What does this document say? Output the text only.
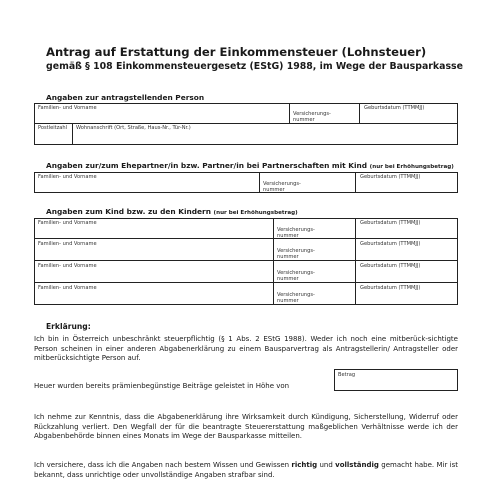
Antrag auf Erstattung der Einkommensteuer (Lohnsteuer)
gemäß § 108 Einkommensteuergesetz (EStG) 1988, im Wege der Bausparkasse
Angaben zur antragstellenden Person
Familien- und Vorname
Versicherungs-
nummer
Geburtsdatum (TTMMJJ)
Postleitzahl Wohnanschrift (Ort, Straße, Haus-Nr., Tür-Nr.)
Angaben zur/zum Ehepartner/in bzw. Partner/in bei Partnerschaften mit Kind (nur bei Erhöhungsbetrag)
Familien- und Vorname
Versicherungs-
nummer
Geburtsdatum (TTMMJJ)
Angaben zum Kind bzw. zu den Kindern (nur bei Erhöhungsbetrag)
Familien- und Vorname
Versicherungs-
nummer
Geburtsdatum (TTMMJJ)
Familien- und Vorname
Versicherungs-
nummer
Geburtsdatum (TTMMJJ)
Familien- und Vorname
Versicherungs-
nummer
Geburtsdatum (TTMMJJ)
Familien- und Vorname
Versicherungs-
nummer
Geburtsdatum (TTMMJJ)
Erklärung:
Ich bin in Österreich unbeschränkt steuerpflichtig (§ 1 Abs. 2 EStG 1988). Weder ich noch eine mitberück-sichtigte Person scheinen in einer anderen Abgabenerklärung zu einem Bausparvertrag als Antragstellerin/ Antragsteller oder mitberücksichtigte Person auf.
Heuer wurden bereits prämienbegünstige Beiträge geleistet in Höhe von
Betrag
Ich nehme zur Kenntnis, dass die Abgabenerklärung ihre Wirksamkeit durch Kündigung, Sicherstellung, Widerruf oder Rückzahlung verliert. Den Wegfall der für die beantragte Steuererstattung maßgeblichen Verhältnisse werde ich der Abgabenbehörde binnen eines Monats im Wege der Bausparkasse mitteilen.
Ich versichere, dass ich die Angaben nach bestem Wissen und Gewissen richtig und vollständig gemacht habe. Mir ist bekannt, dass unrichtige oder unvollständige Angaben strafbar sind.
